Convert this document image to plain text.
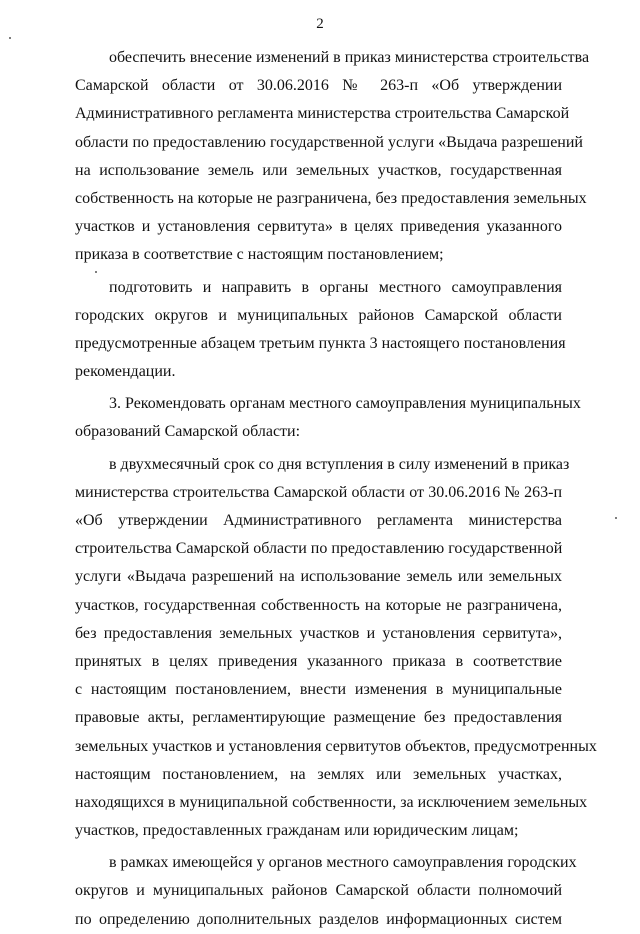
2
обеспечить внесение изменений в приказ министерства строительства
Самарской области от 30.06.2016 № 263-п «Об утверждении
Административного регламента министерства строительства Самарской
области по предоставлению государственной услуги «Выдача разрешений
на использование земель или земельных участков, государственная
собственность на которые не разграничена, без предоставления земельных
участков и установления сервитута» в целях приведения указанного
приказа в соответствие с настоящим постановлением;
подготовить и направить в органы местного самоуправления
городских округов и муниципальных районов Самарской области
предусмотренные абзацем третьим пункта 3 настоящего постановления
рекомендации.
3. Рекомендовать органам местного самоуправления муниципальных
образований Самарской области:
в двухмесячный срок со дня вступления в силу изменений в приказ
министерства строительства Самарской области от 30.06.2016 № 263-п
«Об утверждении Административного регламента министерства
строительства Самарской области по предоставлению государственной
услуги «Выдача разрешений на использование земель или земельных
участков, государственная собственность на которые не разграничена,
без предоставления земельных участков и установления сервитута»,
принятых в целях приведения указанного приказа в соответствие
с настоящим постановлением, внести изменения в муниципальные
правовые акты, регламентирующие размещение без предоставления
земельных участков и установления сервитутов объектов, предусмотренных
настоящим постановлением, на землях или земельных участках,
находящихся в муниципальной собственности, за исключением земельных
участков, предоставленных гражданам или юридическим лицам;
в рамках имеющейся у органов местного самоуправления городских
округов и муниципальных районов Самарской области полномочий
по определению дополнительных разделов информационных систем
